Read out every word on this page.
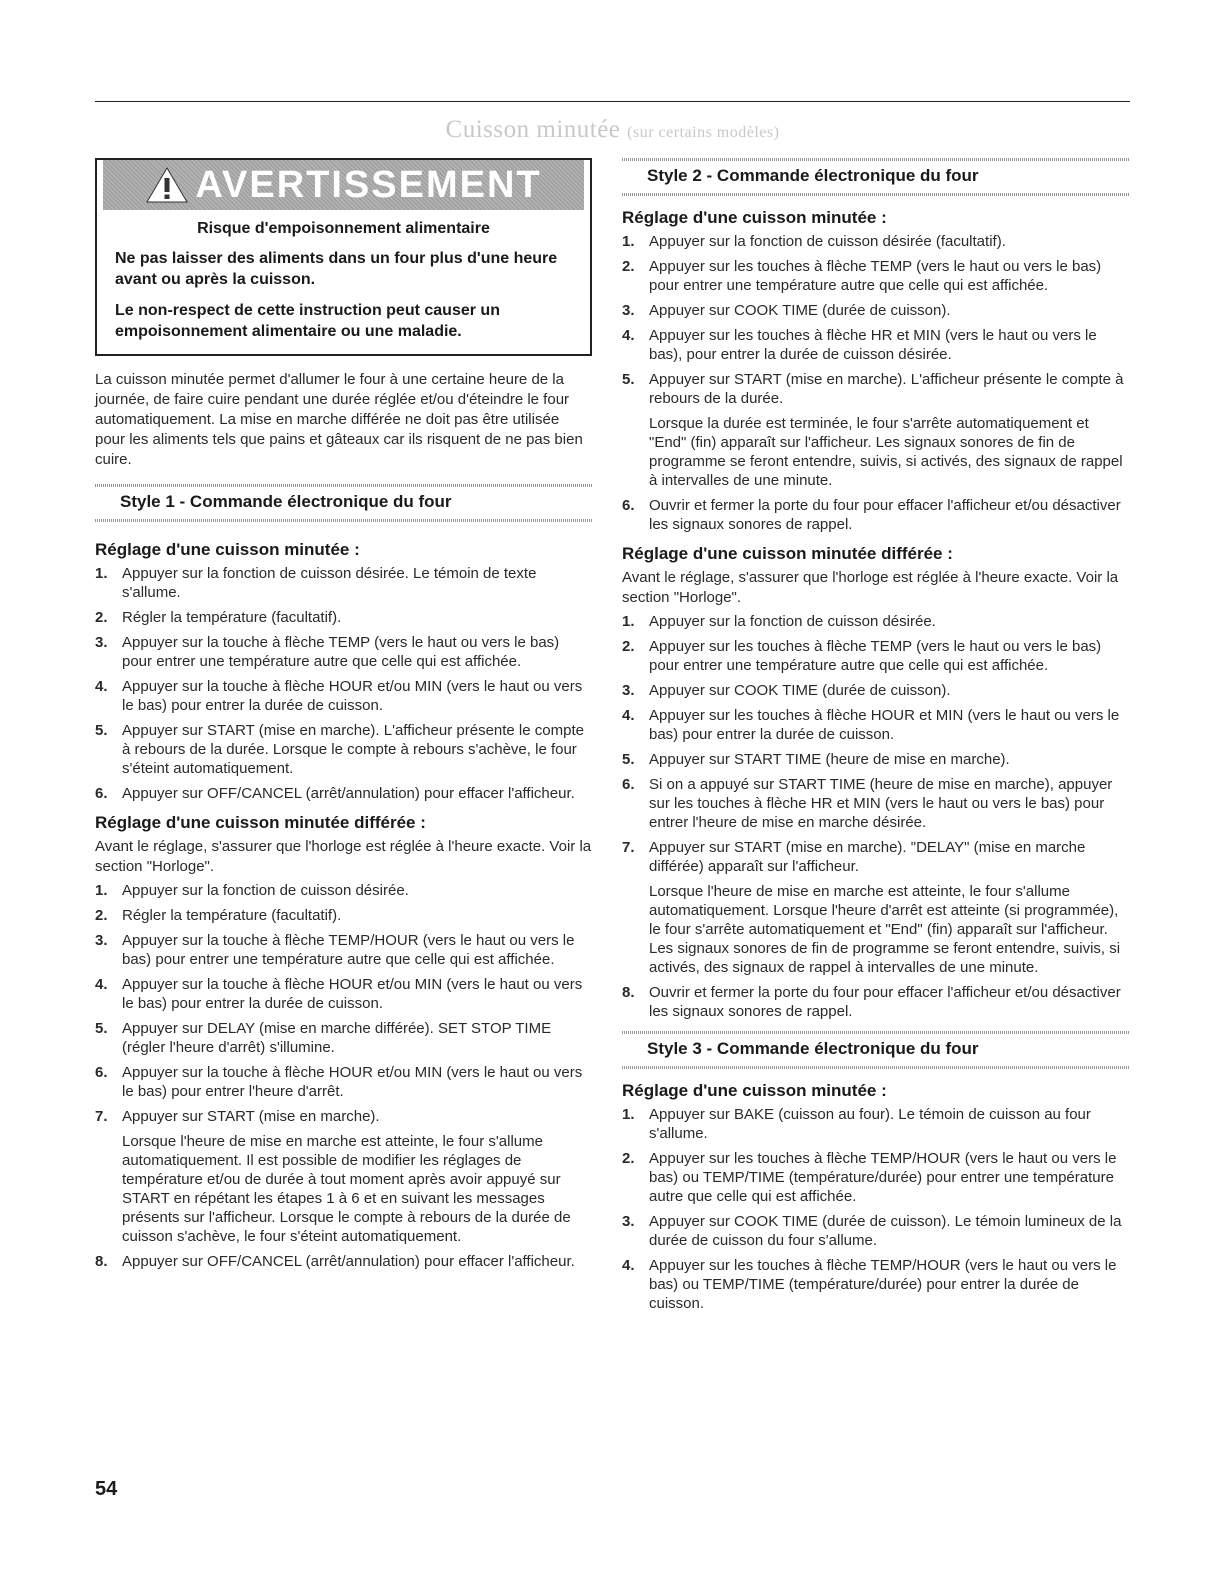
Cuisson minutée (sur certains modèles)
AVERTISSEMENT
Risque d'empoisonnement alimentaire

Ne pas laisser des aliments dans un four plus d'une heure avant ou après la cuisson.

Le non-respect de cette instruction peut causer un empoisonnement alimentaire ou une maladie.

La cuisson minutée permet d'allumer le four à une certaine heure de la journée, de faire cuire pendant une durée réglée et/ou d'éteindre le four automatiquement. La mise en marche différée ne doit pas être utilisée pour les aliments tels que pains et gâteaux car ils risquent de ne pas bien cuire.

Style 1 - Commande électronique du four
Réglage d'une cuisson minutée :
1. Appuyer sur la fonction de cuisson désirée. Le témoin de texte s'allume.

2. Régler la température (facultatif).

3. Appuyer sur la touche à flèche TEMP (vers le haut ou vers le bas) pour entrer une température autre que celle qui est affichée.

4. Appuyer sur la touche à flèche HOUR et/ou MIN (vers le haut ou vers le bas) pour entrer la durée de cuisson.

5. Appuyer sur START (mise en marche). L'afficheur présente le compte à rebours de la durée. Lorsque le compte à rebours s'achève, le four s'éteint automatiquement.

6. Appuyer sur OFF/CANCEL (arrêt/annulation) pour effacer l'afficheur.

Réglage d'une cuisson minutée différée :

Avant le réglage, s'assurer que l'horloge est réglée à l'heure exacte. Voir la section "Horloge".

1. Appuyer sur la fonction de cuisson désirée.

2. Régler la température (facultatif).

3. Appuyer sur la touche à flèche TEMP/HOUR (vers le haut ou vers le bas) pour entrer une température autre que celle qui est affichée.

4. Appuyer sur la touche à flèche HOUR et/ou MIN (vers le haut ou vers le bas) pour entrer la durée de cuisson.

5. Appuyer sur DELAY (mise en marche différée). SET STOP TIME (régler l'heure d'arrêt) s'illumine.

6. Appuyer sur la touche à flèche HOUR et/ou MIN (vers le haut ou vers le bas) pour entrer l'heure d'arrêt.

7. Appuyer sur START (mise en marche).

Lorsque l'heure de mise en marche est atteinte, le four s'allume automatiquement. Il est possible de modifier les réglages de température et/ou de durée à tout moment après avoir appuyé sur START en répétant les étapes 1 à 6 et en suivant les messages présents sur l'afficheur. Lorsque le compte à rebours de la durée de cuisson s'achève, le four s'éteint automatiquement.

8. Appuyer sur OFF/CANCEL (arrêt/annulation) pour effacer l'afficheur.

Style 2 - Commande électronique du four
Réglage d'une cuisson minutée :
1. Appuyer sur la fonction de cuisson désirée (facultatif).

2. Appuyer sur les touches à flèche TEMP (vers le haut ou vers le bas) pour entrer une température autre que celle qui est affichée.

3. Appuyer sur COOK TIME (durée de cuisson).

4. Appuyer sur les touches à flèche HR et MIN (vers le haut ou vers le bas), pour entrer la durée de cuisson désirée.

5. Appuyer sur START (mise en marche). L'afficheur présente le compte à rebours de la durée.

Lorsque la durée est terminée, le four s'arrête automatiquement et "End" (fin) apparaît sur l'afficheur. Les signaux sonores de fin de programme se feront entendre, suivis, si activés, des signaux de rappel à intervalles de une minute.

6. Ouvrir et fermer la porte du four pour effacer l'afficheur et/ou désactiver les signaux sonores de rappel.

Réglage d'une cuisson minutée différée :

Avant le réglage, s'assurer que l'horloge est réglée à l'heure exacte. Voir la section "Horloge".

1. Appuyer sur la fonction de cuisson désirée.

2. Appuyer sur les touches à flèche TEMP (vers le haut ou vers le bas) pour entrer une température autre que celle qui est affichée.

3. Appuyer sur COOK TIME (durée de cuisson).

4. Appuyer sur les touches à flèche HOUR et MIN (vers le haut ou vers le bas) pour entrer la durée de cuisson.

5. Appuyer sur START TIME (heure de mise en marche).

6. Si on a appuyé sur START TIME (heure de mise en marche), appuyer sur les touches à flèche HR et MIN (vers le haut ou vers le bas) pour entrer l'heure de mise en marche désirée.

7. Appuyer sur START (mise en marche). "DELAY" (mise en marche différée) apparaît sur l'afficheur.

Lorsque l'heure de mise en marche est atteinte, le four s'allume automatiquement. Lorsque l'heure d'arrêt est atteinte (si programmée), le four s'arrête automatiquement et "End" (fin) apparaît sur l'afficheur. Les signaux sonores de fin de programme se feront entendre, suivis, si activés, des signaux de rappel à intervalles de une minute.

8. Ouvrir et fermer la porte du four pour effacer l'afficheur et/ou désactiver les signaux sonores de rappel.

Style 3 - Commande électronique du four
Réglage d'une cuisson minutée :
1. Appuyer sur BAKE (cuisson au four). Le témoin de cuisson au four s'allume.

2. Appuyer sur les touches à flèche TEMP/HOUR (vers le haut ou vers le bas) ou TEMP/TIME (température/durée) pour entrer une température autre que celle qui est affichée.

3. Appuyer sur COOK TIME (durée de cuisson). Le témoin lumineux de la durée de cuisson du four s'allume.

4. Appuyer sur les touches à flèche TEMP/HOUR (vers le haut ou vers le bas) ou TEMP/TIME (température/durée) pour entrer la durée de cuisson.

54
